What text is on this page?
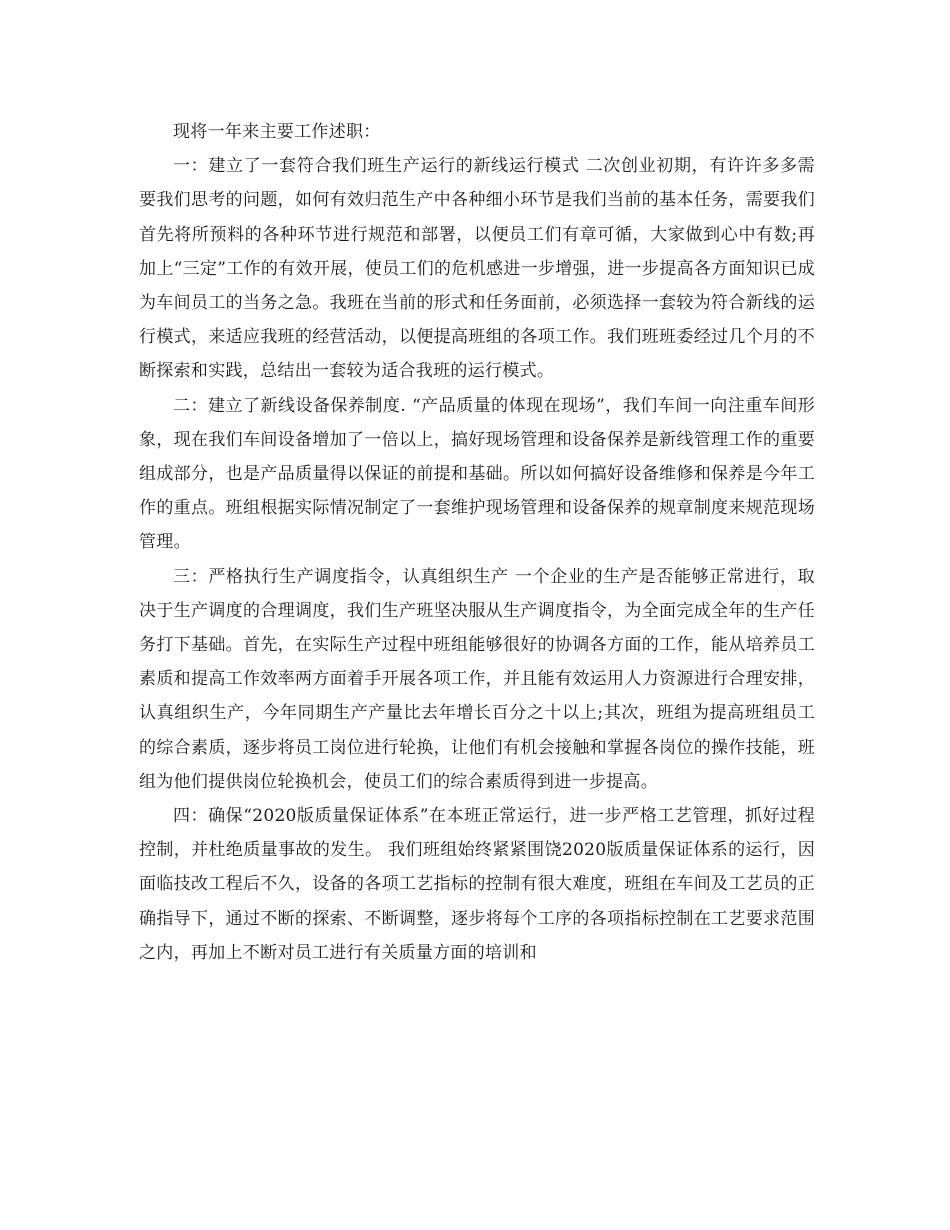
现将一年来主要工作述职：

一：建立了一套符合我们班生产运行的新线运行模式 二次创业初期，有许许多多需要我们思考的问题，如何有效归范生产中各种细小环节是我们当前的基本任务，需要我们首先将所预料的各种环节进行规范和部署，以便员工们有章可循，大家做到心中有数;再加上“三定”工作的有效开展，使员工们的危机感进一步增强，进一步提高各方面知识已成为车间员工的当务之急。我班在当前的形式和任务面前，必须选择一套较为符合新线的运行模式，来适应我班的经营活动，以便提高班组的各项工作。我们班班委经过几个月的不断探索和实践，总结出一套较为适合我班的运行模式。

二：建立了新线设备保养制度. “产品质量的体现在现场”，我们车间一向注重车间形象，现在我们车间设备增加了一倍以上，搞好现场管理和设备保养是新线管理工作的重要组成部分，也是产品质量得以保证的前提和基础。所以如何搞好设备维修和保养是今年工作的重点。班组根据实际情况制定了一套维护现场管理和设备保养的规章制度来规范现场管理。

三：严格执行生产调度指令，认真组织生产 一个企业的生产是否能够正常进行，取决于生产调度的合理调度，我们生产班坚决服从生产调度指令，为全面完成全年的生产任务打下基础。首先，在实际生产过程中班组能够很好的协调各方面的工作，能从培养员工素质和提高工作效率两方面着手开展各项工作，并且能有效运用人力资源进行合理安排，认真组织生产，今年同期生产产量比去年增长百分之十以上;其次，班组为提高班组员工的综合素质，逐步将员工岗位进行轮换，让他们有机会接触和掌握各岗位的操作技能，班组为他们提供岗位轮换机会，使员工们的综合素质得到进一步提高。

四：确保“2020版质量保证体系”在本班正常运行，进一步严格工艺管理，抓好过程控制，并杜绝质量事故的发生。 我们班组始终紧紧围饶2020版质量保证体系的运行，因面临技改工程后不久，设备的各项工艺指标的控制有很大难度，班组在车间及工艺员的正确指导下，通过不断的探索、不断调整，逐步将每个工序的各项指标控制在工艺要求范围之内，再加上不断对员工进行有关质量方面的培训和
